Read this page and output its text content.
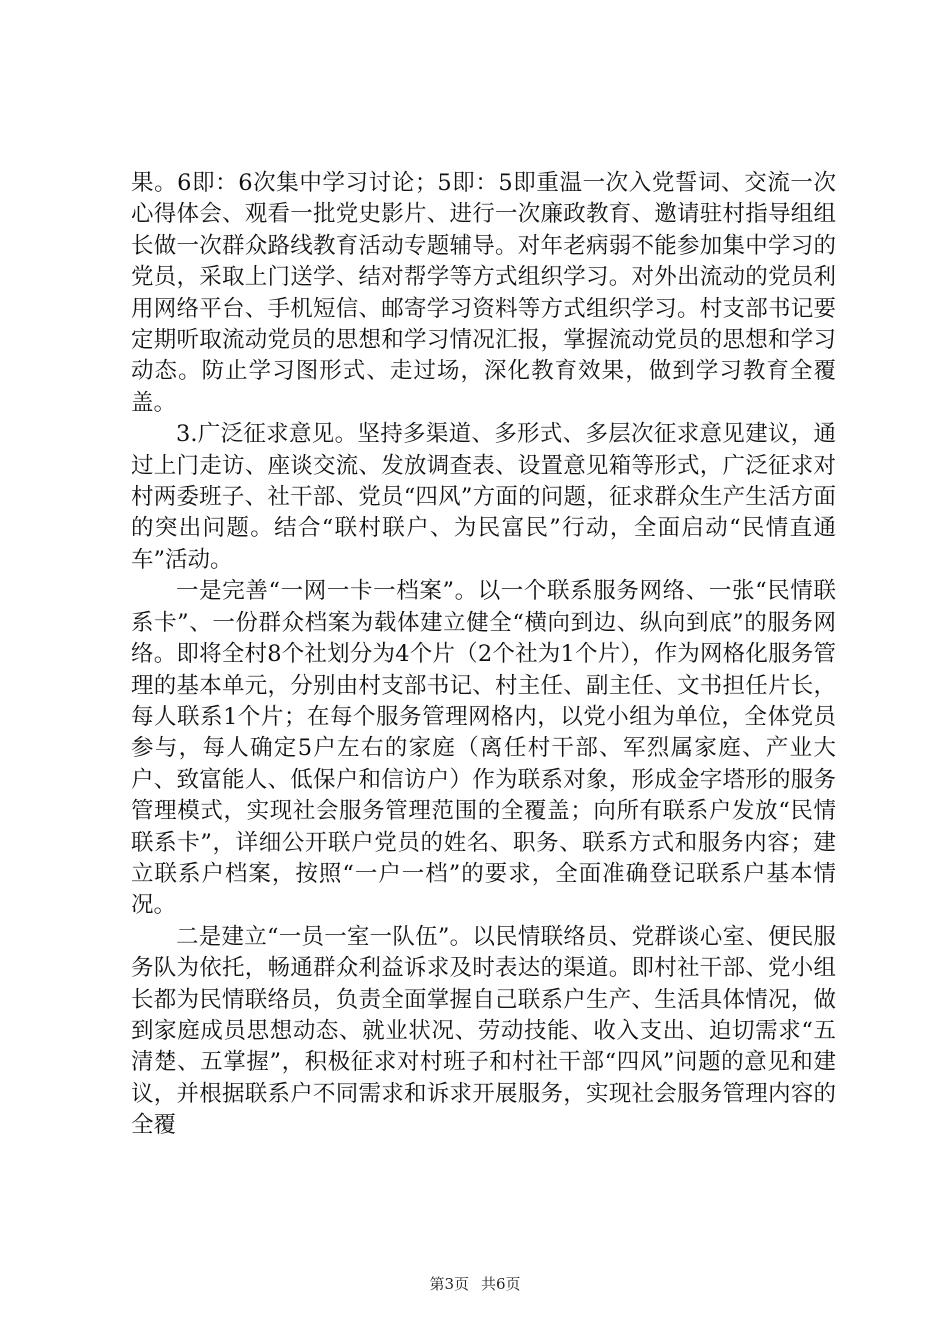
果。6即：6次集中学习讨论；5即：5即重温一次入党誓词、交流一次心得体会、观看一批党史影片、进行一次廉政教育、邀请驻村指导组组长做一次群众路线教育活动专题辅导。对年老病弱不能参加集中学习的党员，采取上门送学、结对帮学等方式组织学习。对外出流动的党员利用网络平台、手机短信、邮寄学习资料等方式组织学习。村支部书记要定期听取流动党员的思想和学习情况汇报，掌握流动党员的思想和学习动态。防止学习图形式、走过场，深化教育效果，做到学习教育全覆盖。

3.广泛征求意见。坚持多渠道、多形式、多层次征求意见建议，通过上门走访、座谈交流、发放调查表、设置意见箱等形式，广泛征求对村两委班子、社干部、党员“四风”方面的问题，征求群众生产生活方面的突出问题。结合“联村联户、为民富民”行动，全面启动“民情直通车”活动。

一是完善“一网一卡一档案”。以一个联系服务网络、一张“民情联系卡”、一份群众档案为载体建立健全“横向到边、纵向到底”的服务网络。即将全村8个社划分为4个片（2个社为1个片），作为网格化服务管理的基本单元，分别由村支部书记、村主任、副主任、文书担任片长，每人联系1个片；在每个服务管理网格内，以党小组为单位，全体党员参与，每人确定5户左右的家庭（离任村干部、军烈属家庭、产业大户、致富能人、低保户和信访户）作为联系对象，形成金字塔形的服务管理模式，实现社会服务管理范围的全覆盖；向所有联系户发放“民情联系卡”，详细公开联户党员的姓名、职务、联系方式和服务内容；建立联系户档案，按照“一户一档”的要求，全面准确登记联系户基本情况。

二是建立“一员一室一队伍”。以民情联络员、党群谈心室、便民服务队为依托，畅通群众利益诉求及时表达的渠道。即村社干部、党小组长都为民情联络员，负责全面掌握自己联系户生产、生活具体情况，做到家庭成员思想动态、就业状况、劳动技能、收入支出、迫切需求“五清楚、五掌握”，积极征求对村班子和村社干部“四风”问题的意见和建议，并根据联系户不同需求和诉求开展服务，实现社会服务管理内容的全覆

第3页 共6页
